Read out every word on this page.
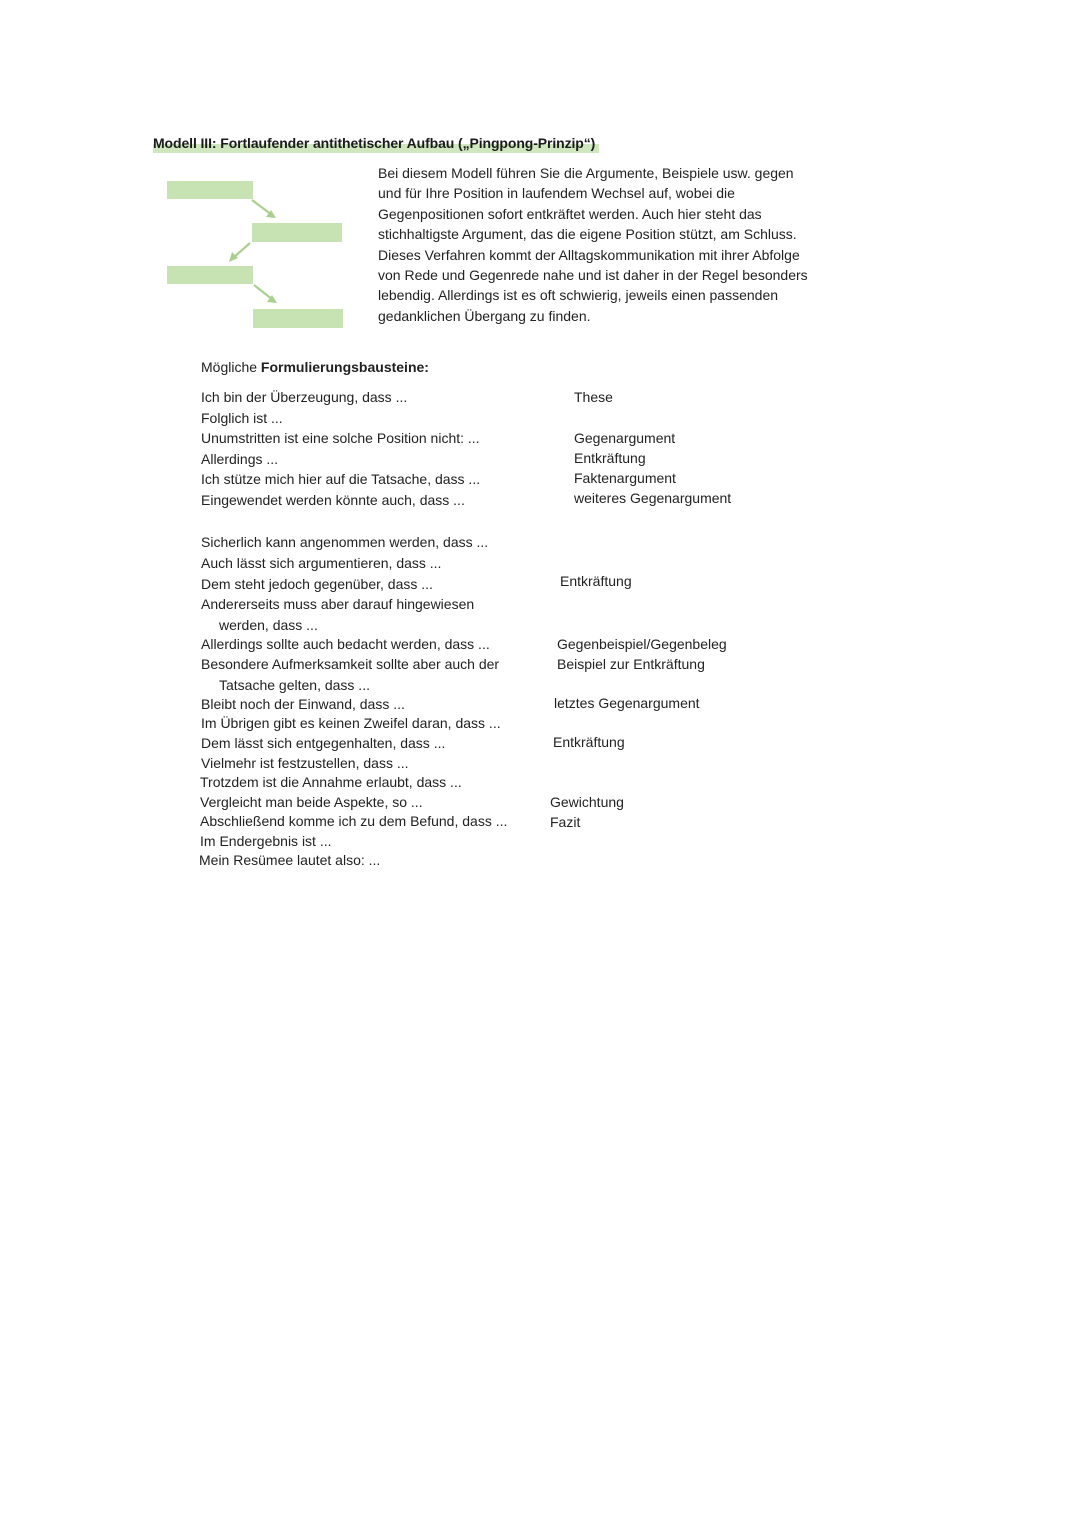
Modell III: Fortlaufender antithetischer Aufbau („Pingpong-Prinzip“)

Bei diesem Modell führen Sie die Argumente, Beispiele usw. gegen und für Ihre Position in laufendem Wechsel auf, wobei die Gegenpositionen sofort entkräftet werden. Auch hier steht das stichhaltigste Argument, das die eigene Position stützt, am Schluss.

Dieses Verfahren kommt der Alltagskommunikation mit ihrer Abfolge von Rede und Gegenrede nahe und ist daher in der Regel besonders lebendig. Allerdings ist es oft schwierig, jeweils einen passenden gedanklichen Übergang zu finden.

Mögliche Formulierungsbausteine:
Ich bin der Überzeugung, dass ...
Folglich ist ...
Unumstritten ist eine solche Position nicht: ...
Allerdings ...
Ich stütze mich hier auf die Tatsache, dass ...
Eingewendet werden könnte auch, dass ...
These
Gegenargument
Entkräftung
Faktenargument
weiteres Gegenargument
Sicherlich kann angenommen werden, dass ...
Auch lässt sich argumentieren, dass ...
Dem steht jedoch gegenüber, dass ...
Andererseits muss aber darauf hingewiesen
werden, dass ...
Allerdings sollte auch bedacht werden, dass ...
Besondere Aufmerksamkeit sollte aber auch der
Tatsache gelten, dass ...
Bleibt noch der Einwand, dass ...
Im Übrigen gibt es keinen Zweifel daran, dass ...
Dem lässt sich entgegenhalten, dass ...
Vielmehr ist festzustellen, dass ...
Trotzdem ist die Annahme erlaubt, dass ...
Vergleicht man beide Aspekte, so ...
Abschließend komme ich zu dem Befund, dass ...
Im Endergebnis ist ...
Mein Resümee lautet also: ...
Entkräftung
Gegenbeispiel/Gegenbeleg
Beispiel zur Entkräftung
letztes Gegenargument
Entkräftung
Gewichtung
Fazit
